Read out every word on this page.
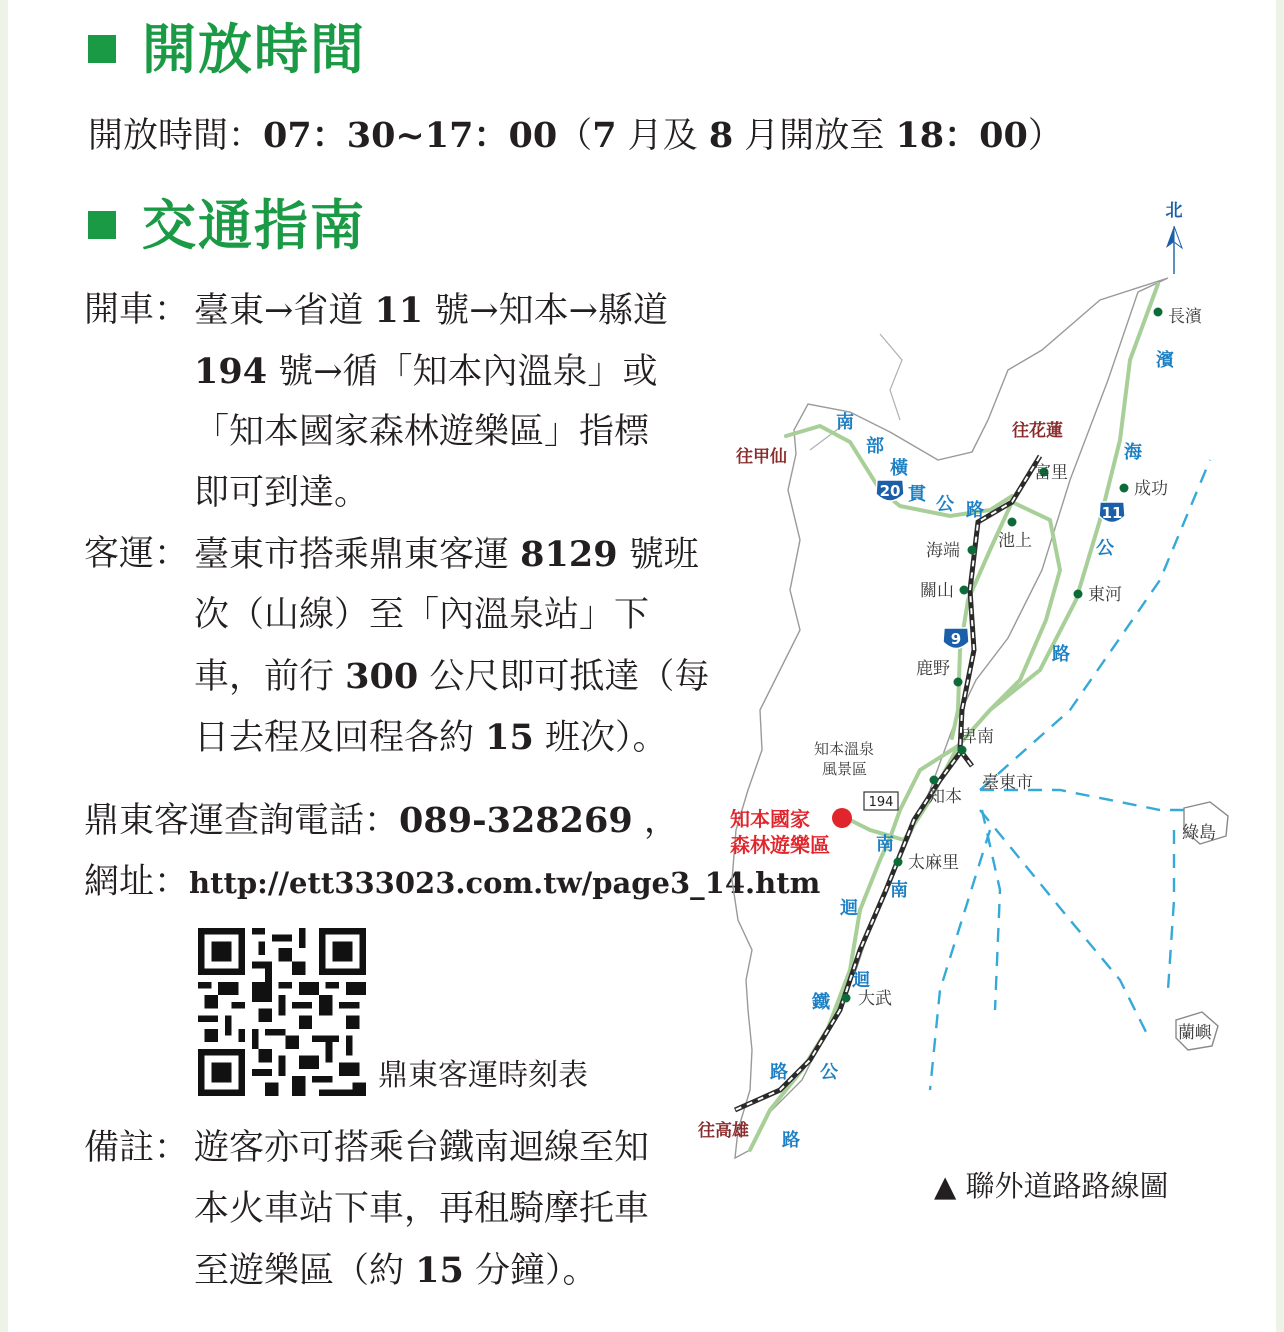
開放時間
開放時間：07：30~17：00（7 月及 8 月開放至 18：00）
交通指南
開車： 臺東→省道 11 號→知本→縣道
194 號→循「知本內溫泉」或
「知本國家森林遊樂區」指標
即可到達。
客運： 臺東市搭乘鼎東客運 8129 號班
次（山線）至「內溫泉站」下
車，前行 300 公尺即可抵達（每
日去程及回程各約 15 班次）。
鼎東客運查詢電話：089-328269 ，
網址：http://ett333023.com.tw/page3_14.htm
鼎東客運時刻表
備註： 遊客亦可搭乘台鐵南迴線至知
本火車站下車，再租騎摩托車
至遊樂區（約 15 分鐘）。
北
20
9
11
194
長濱
成功
東河
富里
池上
海端
關山
鹿野
卑南
臺東市
知本
太麻里
大武
綠島
蘭嶼
知本溫泉
風景區
往花蓮
往甲仙
往高雄
知本國家
森林遊樂區
南
部
橫
貫 公 路
濱
海
公
路
南
南
迴
迴
鐵
路 公
路
▲ 聯外道路路線圖
